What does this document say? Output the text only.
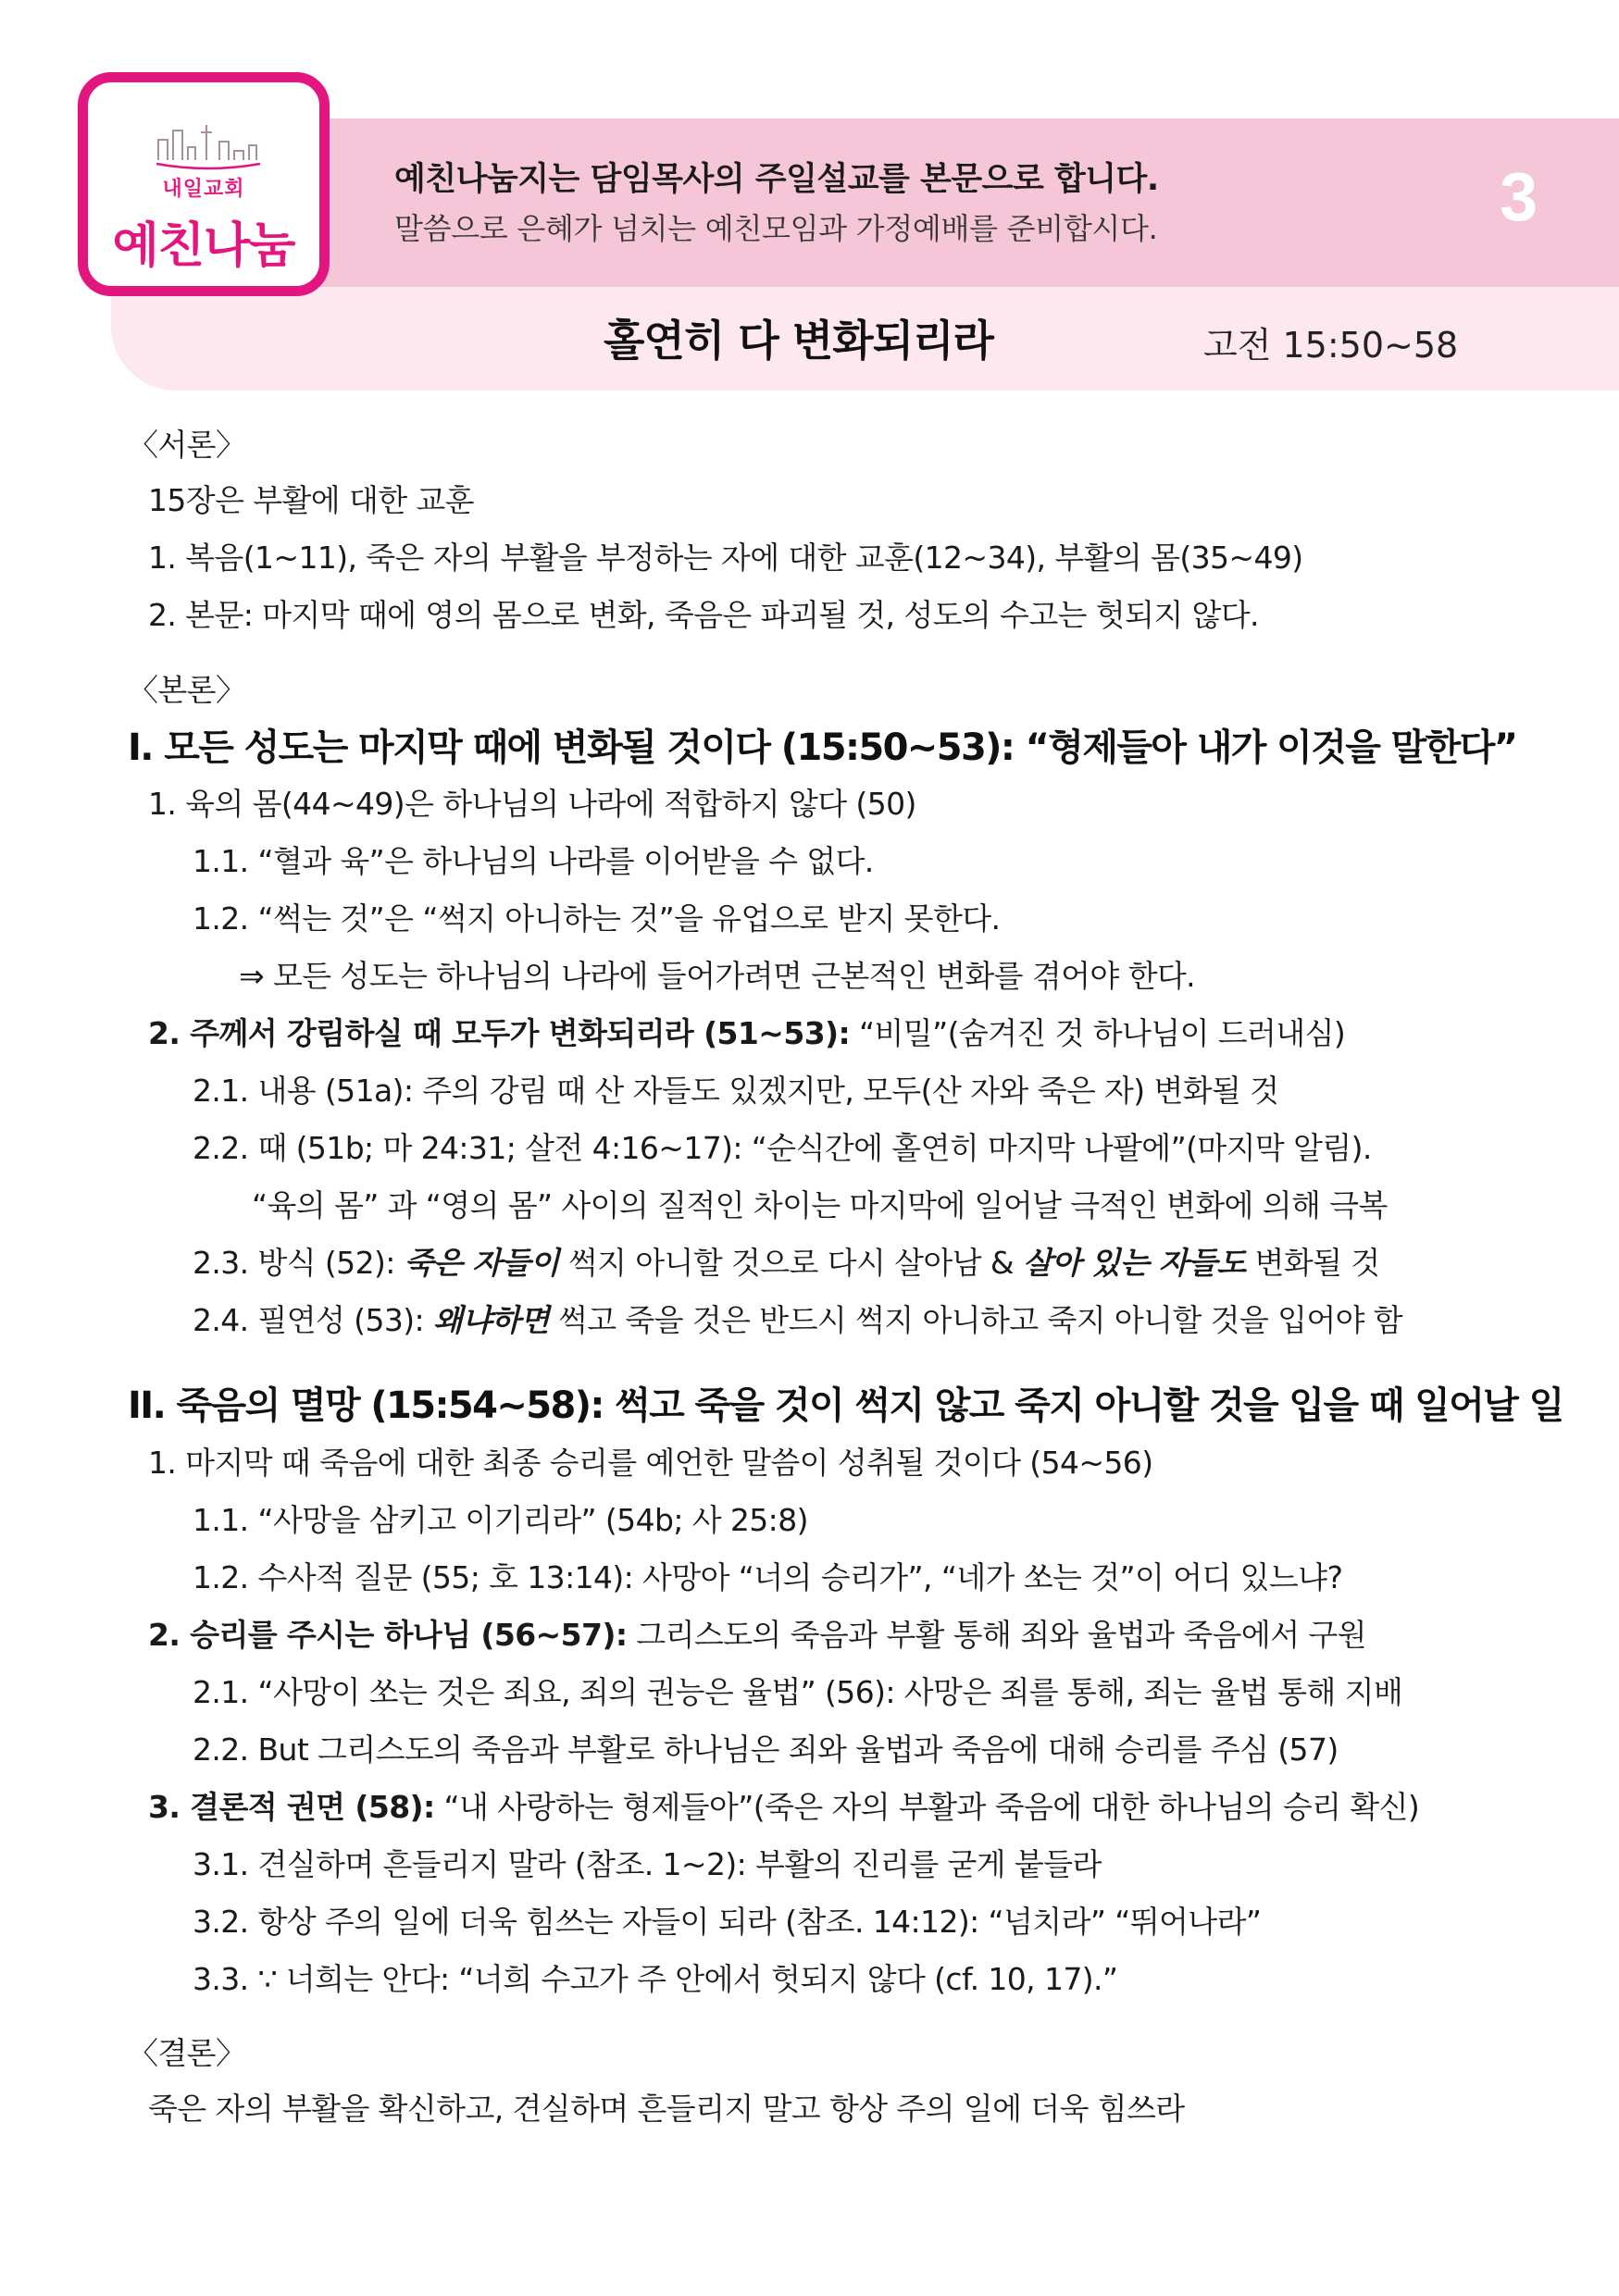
내일교회
예친나눔
예친나눔지는 담임목사의 주일설교를 본문으로 합니다.
말씀으로 은혜가 넘치는 예친모임과 가정예배를 준비합시다.	3
홀연히 다 변화되리라	고전 15:50~58
〈서론〉
15장은 부활에 대한 교훈
1. 복음(1~11), 죽은 자의 부활을 부정하는 자에 대한 교훈(12~34), 부활의 몸(35~49)
2. 본문: 마지막 때에 영의 몸으로 변화, 죽음은 파괴될 것, 성도의 수고는 헛되지 않다.
〈본론〉
I. 모든 성도는 마지막 때에 변화될 것이다 (15:50~53): “형제들아 내가 이것을 말한다”
1. 육의 몸(44~49)은 하나님의 나라에 적합하지 않다 (50)
1.1. “혈과 육”은 하나님의 나라를 이어받을 수 없다.
1.2. “썩는 것”은 “썩지 아니하는 것”을 유업으로 받지 못한다.
⇒ 모든 성도는 하나님의 나라에 들어가려면 근본적인 변화를 겪어야 한다.
2. 주께서 강림하실 때 모두가 변화되리라 (51~53): “비밀”(숨겨진 것 하나님이 드러내심)
2.1. 내용 (51a): 주의 강림 때 산 자들도 있겠지만, 모두(산 자와 죽은 자) 변화될 것
2.2. 때 (51b; 마 24:31; 살전 4:16~17): “순식간에 홀연히 마지막 나팔에”(마지막 알림).
“육의 몸” 과 “영의 몸” 사이의 질적인 차이는 마지막에 일어날 극적인 변화에 의해 극복
2.3. 방식 (52): 죽은 자들이 썩지 아니할 것으로 다시 살아남 & 살아 있는 자들도 변화될 것
2.4. 필연성 (53): 왜냐하면 썩고 죽을 것은 반드시 썩지 아니하고 죽지 아니할 것을 입어야 함
II. 죽음의 멸망 (15:54~58): 썩고 죽을 것이 썩지 않고 죽지 아니할 것을 입을 때 일어날 일
1. 마지막 때 죽음에 대한 최종 승리를 예언한 말씀이 성취될 것이다 (54~56)
1.1. “사망을 삼키고 이기리라” (54b; 사 25:8)
1.2. 수사적 질문 (55; 호 13:14): 사망아 “너의 승리가”, “네가 쏘는 것”이 어디 있느냐?
2. 승리를 주시는 하나님 (56~57): 그리스도의 죽음과 부활 통해 죄와 율법과 죽음에서 구원
2.1. “사망이 쏘는 것은 죄요, 죄의 권능은 율법” (56): 사망은 죄를 통해, 죄는 율법 통해 지배
2.2. But 그리스도의 죽음과 부활로 하나님은 죄와 율법과 죽음에 대해 승리를 주심 (57)
3. 결론적 권면 (58): “내 사랑하는 형제들아”(죽은 자의 부활과 죽음에 대한 하나님의 승리 확신)
3.1. 견실하며 흔들리지 말라 (참조. 1~2): 부활의 진리를 굳게 붙들라
3.2. 항상 주의 일에 더욱 힘쓰는 자들이 되라 (참조. 14:12): “넘치라” “뛰어나라”
3.3. ∵ 너희는 안다: “너희 수고가 주 안에서 헛되지 않다 (cf. 10, 17).”
〈결론〉
죽은 자의 부활을 확신하고, 견실하며 흔들리지 말고 항상 주의 일에 더욱 힘쓰라
